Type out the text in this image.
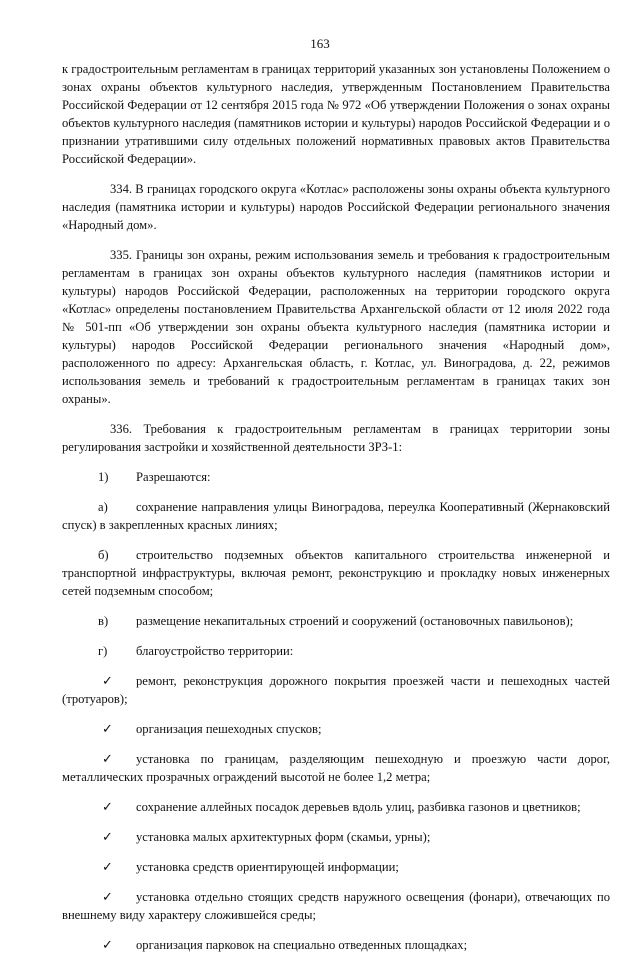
163

к градостроительным регламентам в границах территорий указанных зон установлены Положением о зонах охраны объектов культурного наследия, утвержденным Постановлением Правительства Российской Федерации от 12 сентября 2015 года № 972 «Об утверждении Положения о зонах охраны объектов культурного наследия (памятников истории и культуры) народов Российской Федерации и о признании утратившими силу отдельных положений нормативных правовых актов Правительства Российской Федерации».

334. В границах городского округа «Котлас» расположены зоны охраны объекта культурного наследия (памятника истории и культуры) народов Российской Федерации регионального значения «Народный дом».

335. Границы зон охраны, режим использования земель и требования к градостроительным регламентам в границах зон охраны объектов культурного наследия (памятников истории и культуры) народов Российской Федерации, расположенных на территории городского округа «Котлас» определены постановлением Правительства Архангельской области от 12 июля 2022 года № 501-пп «Об утверждении зон охраны объекта культурного наследия (памятника истории и культуры) народов Российской Федерации регионального значения «Народный дом», расположенного по адресу: Архангельская область, г. Котлас, ул. Виноградова, д. 22, режимов использования земель и требований к градостроительным регламентам в границах таких зон охраны».

336. Требования к градостроительным регламентам в границах территории зоны регулирования застройки и хозяйственной деятельности ЗРЗ-1:

1) Разрешаются:
а) сохранение направления улицы Виноградова, переулка Кооперативный (Жернаковский спуск) в закрепленных красных линиях;
б) строительство подземных объектов капитального строительства инженерной и транспортной инфраструктуры, включая ремонт, реконструкцию и прокладку новых инженерных сетей подземным способом;
в) размещение некапитальных строений и сооружений (остановочных павильонов);
г) благоустройство территории:
✓ ремонт, реконструкция дорожного покрытия проезжей части и пешеходных частей (тротуаров);
✓ организация пешеходных спусков;
✓ установка по границам, разделяющим пешеходную и проезжую части дорог, металлических прозрачных ограждений высотой не более 1,2 метра;
✓ сохранение аллейных посадок деревьев вдоль улиц, разбивка газонов и цветников;
✓ установка малых архитектурных форм (скамьи, урны);
✓ установка средств ориентирующей информации;
✓ установка отдельно стоящих средств наружного освещения (фонари), отвечающих по внешнему виду характеру сложившейся среды;
✓ организация парковок на специально отведенных площадках;
